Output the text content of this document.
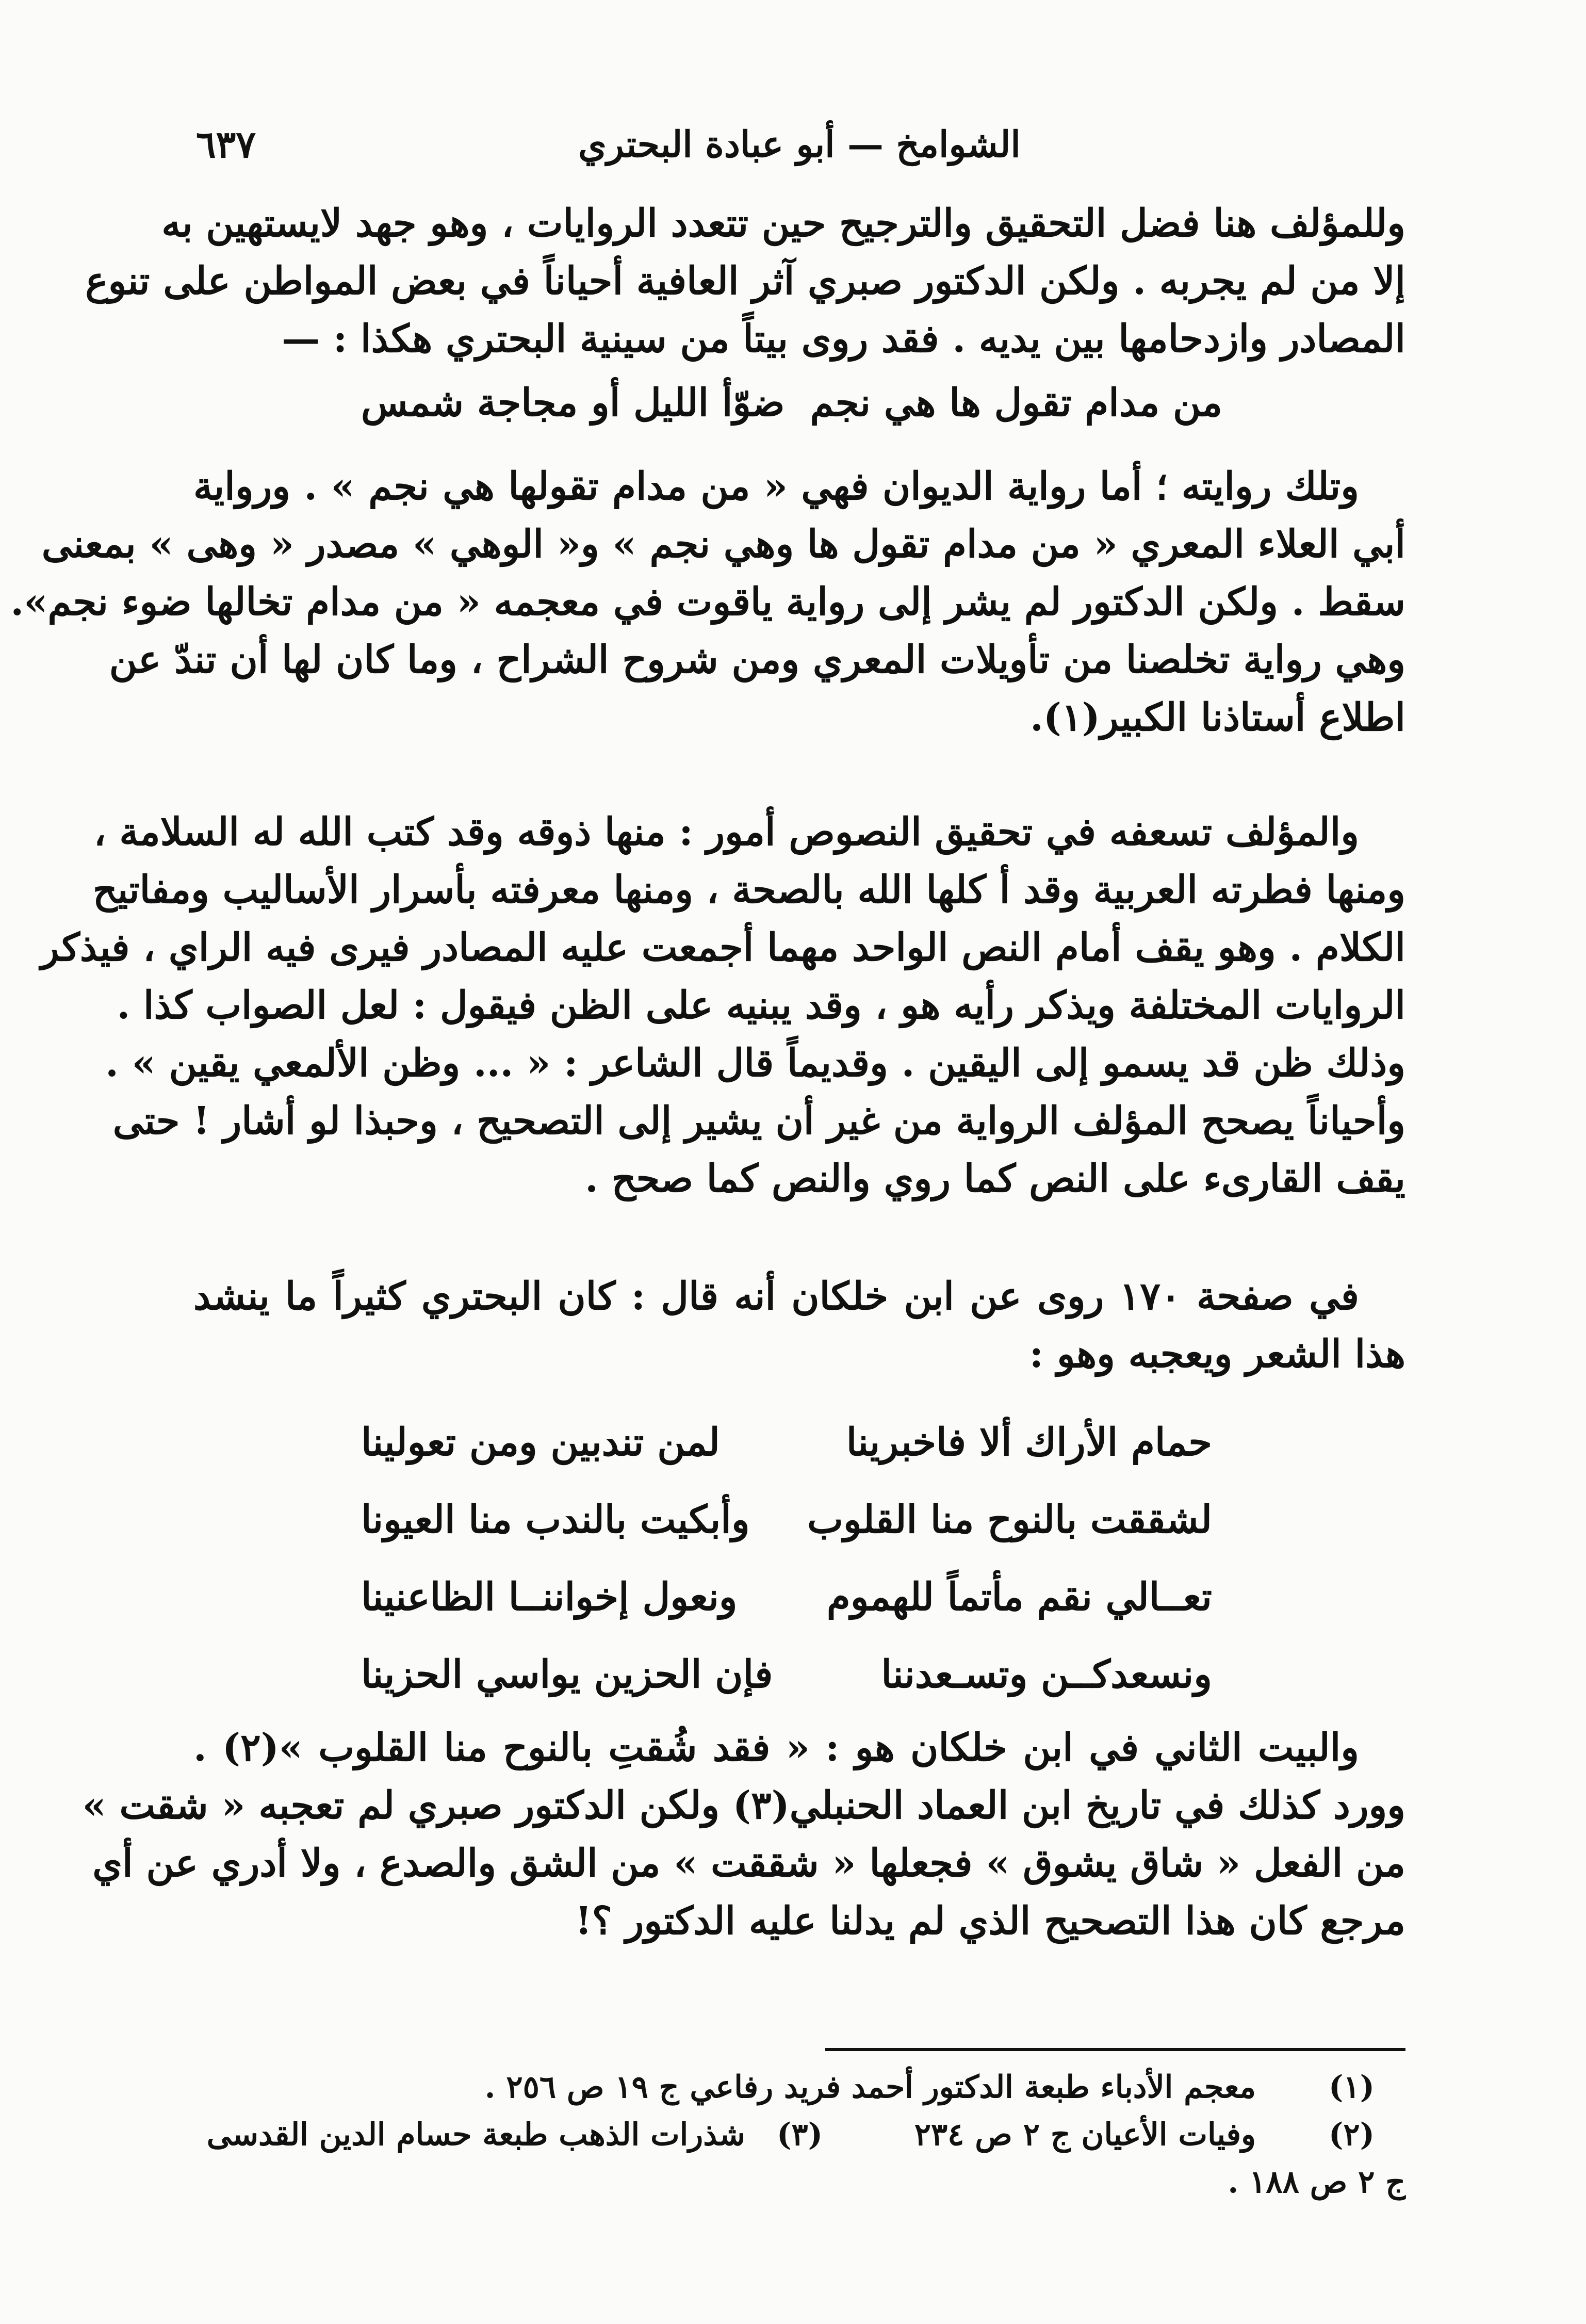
الشوامخ — أبو عبادة البحتري
٦٣٧
وللمؤلف هنا فضل التحقيق والترجيح حين تتعدد الروايات ، وهو جهد لايستهين به
إلا من لم يجربه . ولكن الدكتور صبري آثر العافية أحياناً في بعض المواطن على تنوع
المصادر وازدحامها بين يديه . فقد روى بيتاً من سينية البحتري هكذا : —
من مدام تقول ها هي نجم
ضوّأ الليل أو مجاجة شمس
وتلك روايته ؛ أما رواية الديوان فهي « من مدام تقولها هي نجم » . ورواية
أبي العلاء المعري « من مدام تقول ها وهي نجم » و« الوهي » مصدر « وهى » بمعنى
سقط . ولكن الدكتور لم يشر إلى رواية ياقوت في معجمه « من مدام تخالها ضوء نجم».
وهي رواية تخلصنا من تأويلات المعري ومن شروح الشراح ، وما كان لها أن تندّ عن
اطلاع أستاذنا الكبير(١).
والمؤلف تسعفه في تحقيق النصوص أمور : منها ذوقه وقد كتب الله له السلامة ،
ومنها فطرته العربية وقد أ كلها الله بالصحة ، ومنها معرفته بأسرار الأساليب ومفاتيح
الكلام . وهو يقف أمام النص الواحد مهما أجمعت عليه المصادر فيرى فيه الراي ، فيذكر
الروايات المختلفة ويذكر رأيه هو ، وقد يبنيه على الظن فيقول : لعل الصواب كذا .
وذلك ظن قد يسمو إلى اليقين . وقديماً قال الشاعر : « ... وظن الألمعي يقين » .
وأحياناً يصحح المؤلف الرواية من غير أن يشير إلى التصحيح ، وحبذا لو أشار ! حتى
يقف القارىء على النص كما روي والنص كما صحح .
في صفحة ١٧٠ روى عن ابن خلكان أنه قال : كان البحتري كثيراً ما ينشد
هذا الشعر ويعجبه وهو :
حمام الأراك ألا فاخبرينا
لمن تندبين ومن تعولينا
لشققت بالنوح منا القلوب
وأبكيت بالندب منا العيونا
تعــالي نقم مأتماً للهموم
ونعول إخواننــا الظاعنينا
ونسعدكــن وتسـعدننا
فإن الحزين يواسي الحزينا
والبيت الثاني في ابن خلكان هو : « فقد شُقتِ بالنوح منا القلوب »(٢) .
وورد كذلك في تاريخ ابن العماد الحنبلي(٣) ولكن الدكتور صبري لم تعجبه « شقت »
من الفعل « شاق يشوق » فجعلها « شققت » من الشق والصدع ، ولا أدري عن أي
مرجع كان هذا التصحيح الذي لم يدلنا عليه الدكتور ؟!
(١)
معجم الأدباء طبعة الدكتور أحمد فريد رفاعي ج ١٩ ص ٢٥٦ .
(٢)
وفيات الأعيان ج ٢ ص ٢٣٤
(٣)
شذرات الذهب طبعة حسام الدين القدسى
ج ٢ ص ١٨٨ .
